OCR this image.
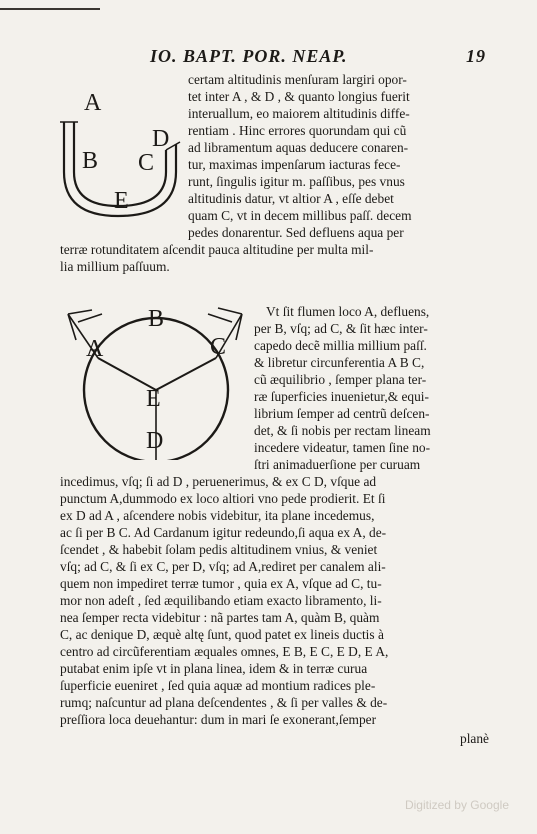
IO. BAPT. POR. NEAP.	19
A
B C
D
E
certam altitudinis menſuram largiri opor-
tet inter A , & D , & quanto longius fuerit
interuallum, eo maiorem altitudinis diffe-
rentiam . Hinc errores quorundam qui cũ
ad libramentum aquas deducere conaren-
tur, maximas impenſarum iacturas fece-
runt, ſingulis igitur m. paſſibus, pes vnus
altitudinis datur, vt altior A , eſſe debet
quam C, vt in decem millibus paſſ. decem
pedes donarentur. Sed defluens aqua per
terræ rotunditatem aſcendit pauca altitudine per multa mil-
lia millium paſſuum.
A
B
C
D
E
Vt ſit flumen loco A, defluens,
per B, vſq; ad C, & ſit hæc inter-
capedo decẽ millia millium paſſ.
& libretur circunferentia A B C,
cũ æquilibrio , ſemper plana ter-
ræ ſuperficies inuenietur,& equi-
librium ſemper ad centrũ deſcen-
det, & ſi nobis per rectam lineam
incedere videatur, tamen ſine no-
ſtri animaduerſione per curuam
incedimus, vſq; ſi ad D , peruenerimus, & ex C D, vſque ad
punctum A,dummodo ex loco altiori vno pede prodierit. Et ſi
ex D ad A , aſcendere nobis videbitur, ita plane incedemus,
ac ſi per B C. Ad Cardanum igitur redeundo,ſi aqua ex A, de-
ſcendet , & habebit ſolam pedis altitudinem vnius, & veniet
vſq; ad C, & ſi ex C, per D, vſq; ad A,rediret per canalem ali-
quem non impediret terræ tumor , quia ex A, vſque ad C, tu-
mor non adeſt , ſed æquilibando etiam exacto libramento, li-
nea ſemper recta videbitur : nã partes tam A, quàm B, quàm
C, ac denique D, æquè altę ſunt, quod patet ex lineis ductis à
centro ad circũferentiam æquales omnes, E B, E C, E D, E A,
putabat enim ipſe vt in plana linea, idem & in terræ curua
ſuperficie eueniret , ſed quia aquæ ad montium radices ple-
rumq; naſcuntur ad plana deſcendentes , & ſi per valles & de-
preſſiora loca deuehantur: dum in mari ſe exonerant,ſemper
planè
Digitized by Google
